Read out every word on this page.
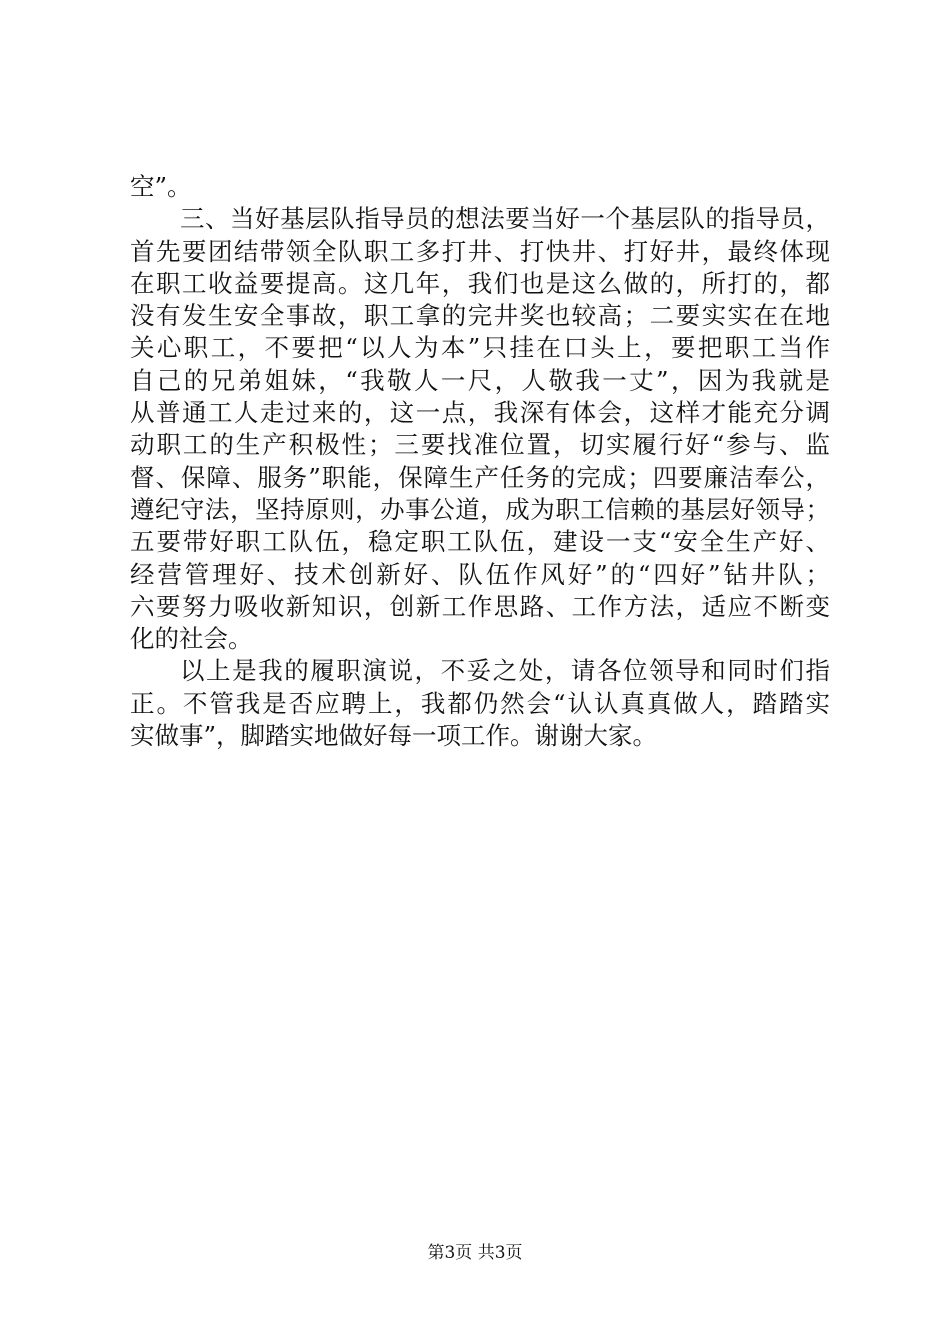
空”。
三、当好基层队指导员的想法要当好一个基层队的指导员，
首先要团结带领全队职工多打井、打快井、打好井，最终体现
在职工收益要提高。这几年，我们也是这么做的，所打的，都
没有发生安全事故，职工拿的完井奖也较高；二要实实在在地
关心职工，不要把“以人为本”只挂在口头上，要把职工当作
自己的兄弟姐妹，“我敬人一尺，人敬我一丈”，因为我就是
从普通工人走过来的，这一点，我深有体会，这样才能充分调
动职工的生产积极性；三要找准位置，切实履行好“参与、监
督、保障、服务”职能，保障生产任务的完成；四要廉洁奉公，
遵纪守法，坚持原则，办事公道，成为职工信赖的基层好领导；
五要带好职工队伍，稳定职工队伍，建设一支“安全生产好、
经营管理好、技术创新好、队伍作风好”的“四好”钻井队；
六要努力吸收新知识，创新工作思路、工作方法，适应不断变
化的社会。
以上是我的履职演说，不妥之处，请各位领导和同时们指
正。不管我是否应聘上，我都仍然会“认认真真做人，踏踏实
实做事”，脚踏实地做好每一项工作。谢谢大家。
第3页 共3页
